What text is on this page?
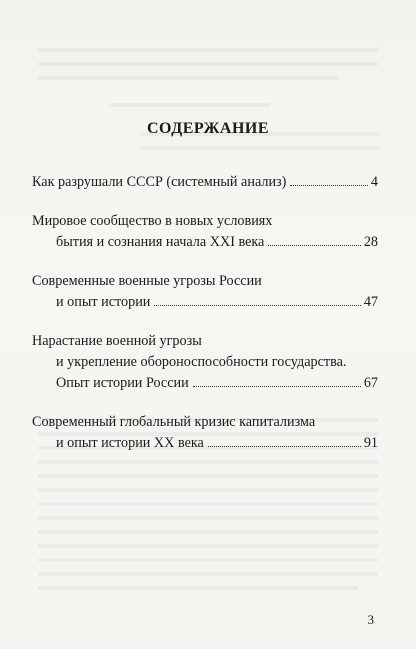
СОДЕРЖАНИЕ
Как разрушали СССР (системный анализ)	4
Мировое сообщество в новых условиях
бытия и сознания начала XXI века	28
Современные военные угрозы России
и опыт истории	47
Нарастание военной угрозы
и укрепление обороноспособности государства.
Опыт истории России	67
Современный глобальный кризис капитализма
и опыт истории XX века	91
3
